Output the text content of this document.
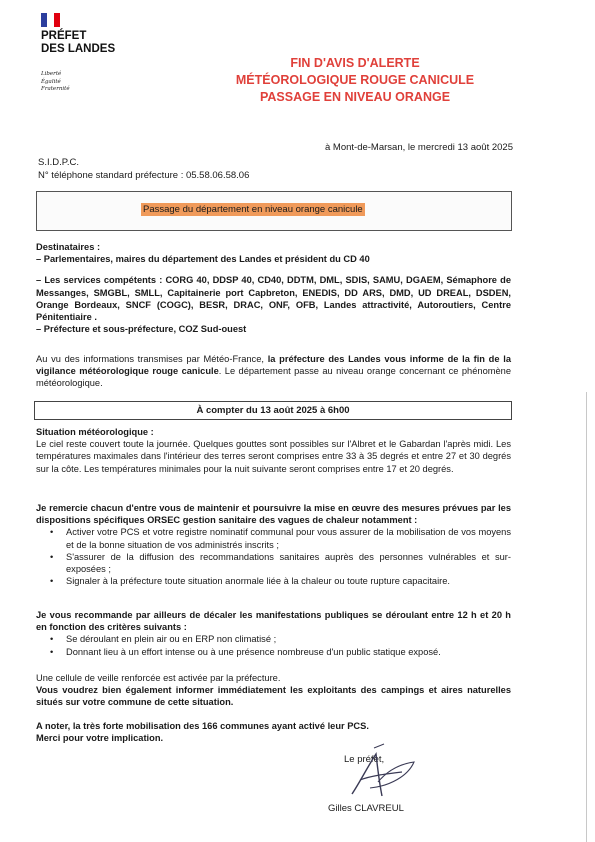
PRÉFET
DES LANDES
Liberté
Égalité
Fraternité
FIN D'AVIS D'ALERTE
MÉTÉOROLOGIQUE ROUGE CANICULE
PASSAGE EN NIVEAU ORANGE
à Mont-de-Marsan, le mercredi 13 août 2025
S.I.D.P.C.
N° téléphone standard préfecture : 05.58.06.58.06
Passage du département en niveau orange canicule
Destinataires :
– Parlementaires, maires du département des Landes et président du CD 40
– Les services compétents : CORG 40, DDSP 40, CD40, DDTM, DML, SDIS, SAMU, DGAEM, Sémaphore de Messanges, SMGBL, SMLL, Capitainerie port Capbreton, ENEDIS, DD ARS, DMD, UD DREAL, DSDEN, Orange Bordeaux, SNCF (COGC), BESR, DRAC, ONF, OFB, Landes attractivité, Autoroutiers, Centre Pénitentiaire .
– Préfecture et sous-préfecture, COZ Sud-ouest
Au vu des informations transmises par Météo-France, la préfecture des Landes vous informe de la fin de la vigilance météorologique rouge canicule. Le département passe au niveau orange concernant ce phénomène météorologique.
À compter du 13 août 2025 à 6h00
Situation météorologique :
Le ciel reste couvert toute la journée. Quelques gouttes sont possibles sur l'Albret et le Gabardan l'après midi. Les températures maximales dans l'intérieur des terres seront comprises entre 33 à 35 degrés et entre 27 et 30 degrés sur la côte. Les températures minimales pour la nuit suivante seront comprises entre 17 et 20 degrés.
Je remercie chacun d'entre vous de maintenir et poursuivre la mise en œuvre des mesures prévues par les dispositions spécifiques ORSEC gestion sanitaire des vagues de chaleur notamment :
• Activer votre PCS et votre registre nominatif communal pour vous assurer de la mobilisation de vos moyens et de la bonne situation de vos administrés inscrits ;
• S'assurer de la diffusion des recommandations sanitaires auprès des personnes vulnérables et sur-exposées ;
• Signaler à la préfecture toute situation anormale liée à la chaleur ou toute rupture capacitaire.
Je vous recommande par ailleurs de décaler les manifestations publiques se déroulant entre 12 h et 20 h en fonction des critères suivants :
• Se déroulant en plein air ou en ERP non climatisé ;
• Donnant lieu à un effort intense ou à une présence nombreuse d'un public statique exposé.
Une cellule de veille renforcée est activée par la préfecture.
Vous voudrez bien également informer immédiatement les exploitants des campings et aires naturelles situés sur votre commune de cette situation.
A noter, la très forte mobilisation des 166 communes ayant activé leur PCS.
Merci pour votre implication.
Le préfet,
Gilles CLAVREUL
